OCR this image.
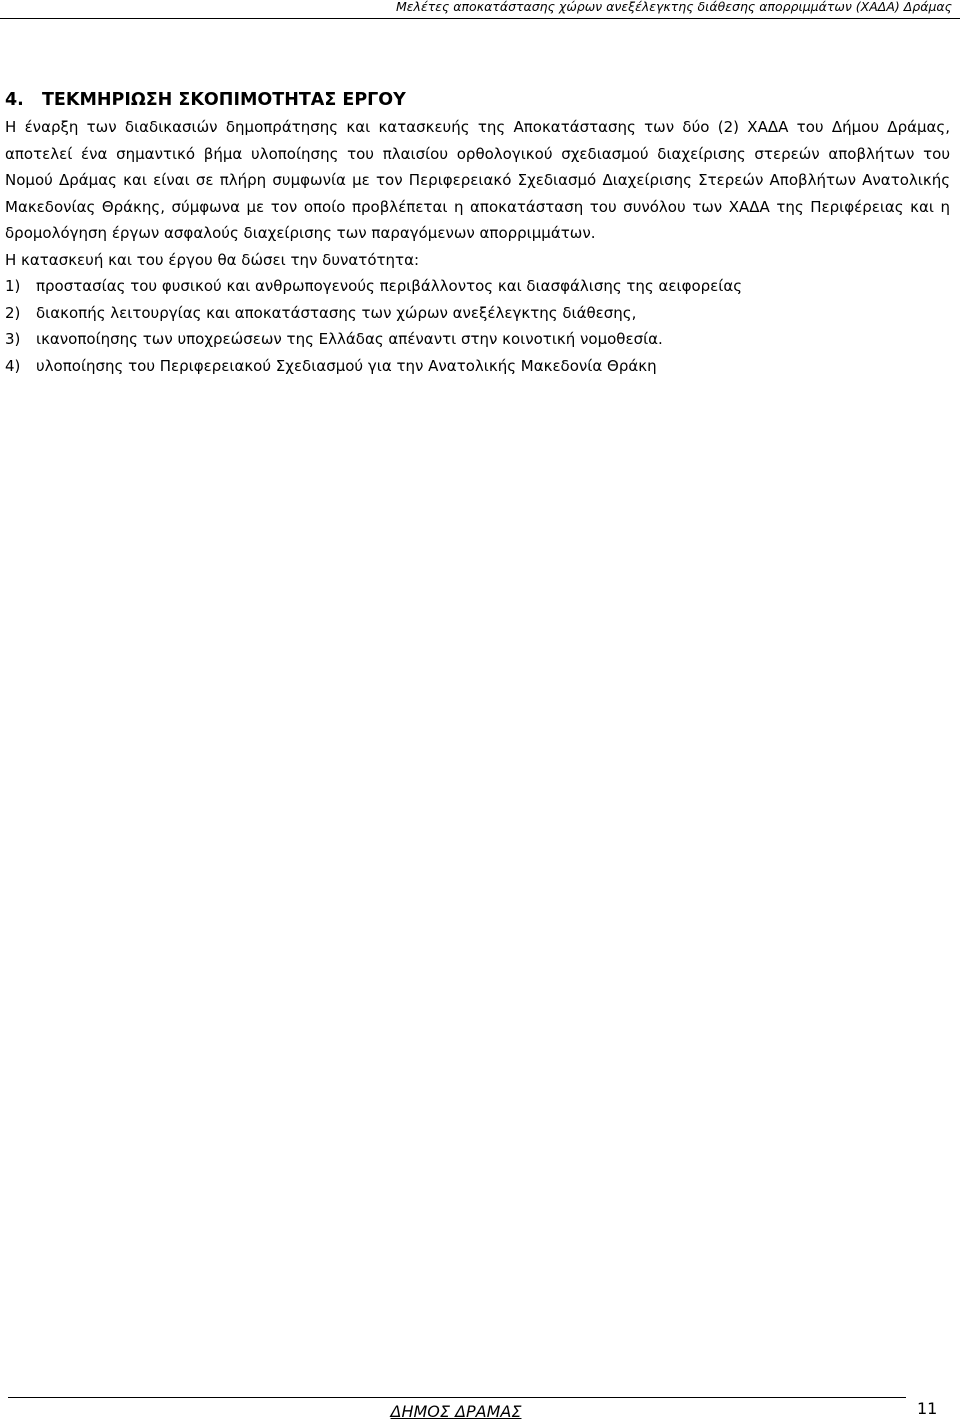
Μελέτες αποκατάστασης χώρων ανεξέλεγκτης διάθεσης απορριμμάτων (ΧΑΔΑ) Δράμας
4. ΤΕΚΜΗΡΙΩΣΗ ΣΚΟΠΙΜΟΤΗΤΑΣ ΕΡΓΟΥ

Η έναρξη των διαδικασιών δημοπράτησης και κατασκευής της Αποκατάστασης των δύο (2) ΧΑΔΑ του Δήμου Δράμας, αποτελεί ένα σημαντικό βήμα υλοποίησης του πλαισίου ορθολογικού σχεδιασμού διαχείρισης στερεών αποβλήτων του Νομού Δράμας και είναι σε πλήρη συμφωνία με τον Περιφερειακό Σχεδιασμό Διαχείρισης Στερεών Αποβλήτων Ανατολικής Μακεδονίας Θράκης, σύμφωνα με τον οποίο προβλέπεται η αποκατάσταση του συνόλου των ΧΑΔΑ της Περιφέρειας και η δρομολόγηση έργων ασφαλούς διαχείρισης των παραγόμενων απορριμμάτων.

Η κατασκευή και του έργου θα δώσει την δυνατότητα:

1)	προστασίας του φυσικού και ανθρωπογενούς περιβάλλοντος και διασφάλισης της αειφορείας
2)	διακοπής λειτουργίας και αποκατάστασης των χώρων ανεξέλεγκτης διάθεσης,
3)	ικανοποίησης των υποχρεώσεων της Ελλάδας απέναντι στην κοινοτική νομοθεσία.
4)	υλοποίησης του Περιφερειακού Σχεδιασμού για την Ανατολικής Μακεδονία Θράκη
ΔΗΜΟΣ ΔΡΑΜΑΣ	11
